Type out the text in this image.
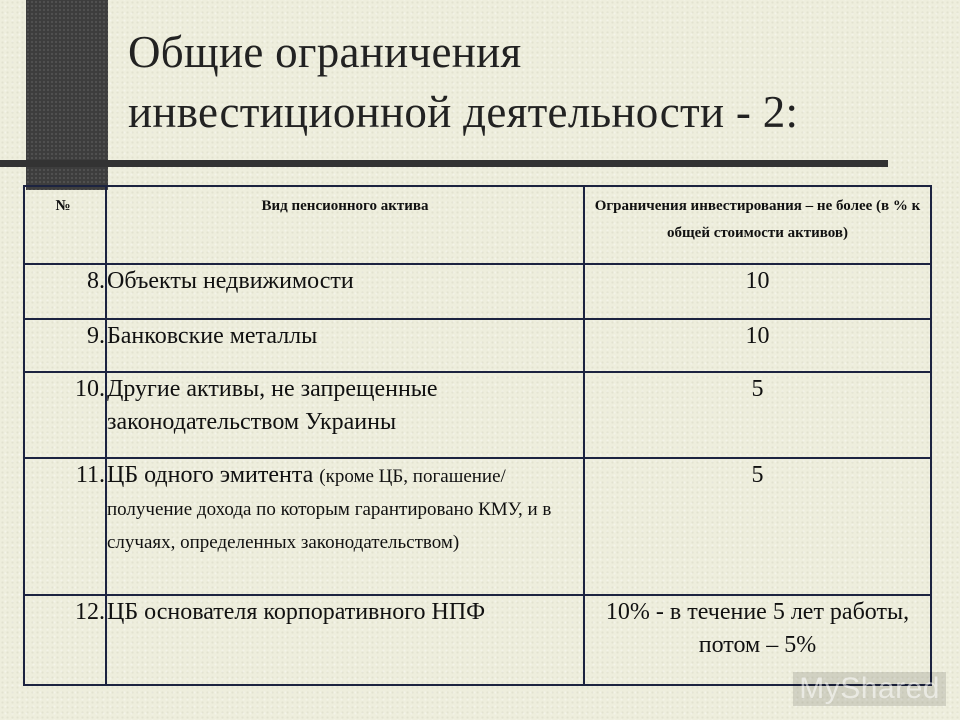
Общие ограничения
инвестиционной деятельности - 2:
№	Вид пенсионного актива	Ограничения инвестирования – не более (в % к общей стоимости активов)
8.	Объекты недвижимости	10
9.	Банковские металлы	10
10.	Другие активы, не запрещенные законодательством Украины	5
11.	ЦБ одного эмитента (кроме ЦБ, погашение/получение дохода по которым гарантировано КМУ, и в случаях, определенных законодательством)	5
12.	ЦБ основателя корпоративного НПФ	10% - в течение 5 лет работы, потом – 5%
MyShared
